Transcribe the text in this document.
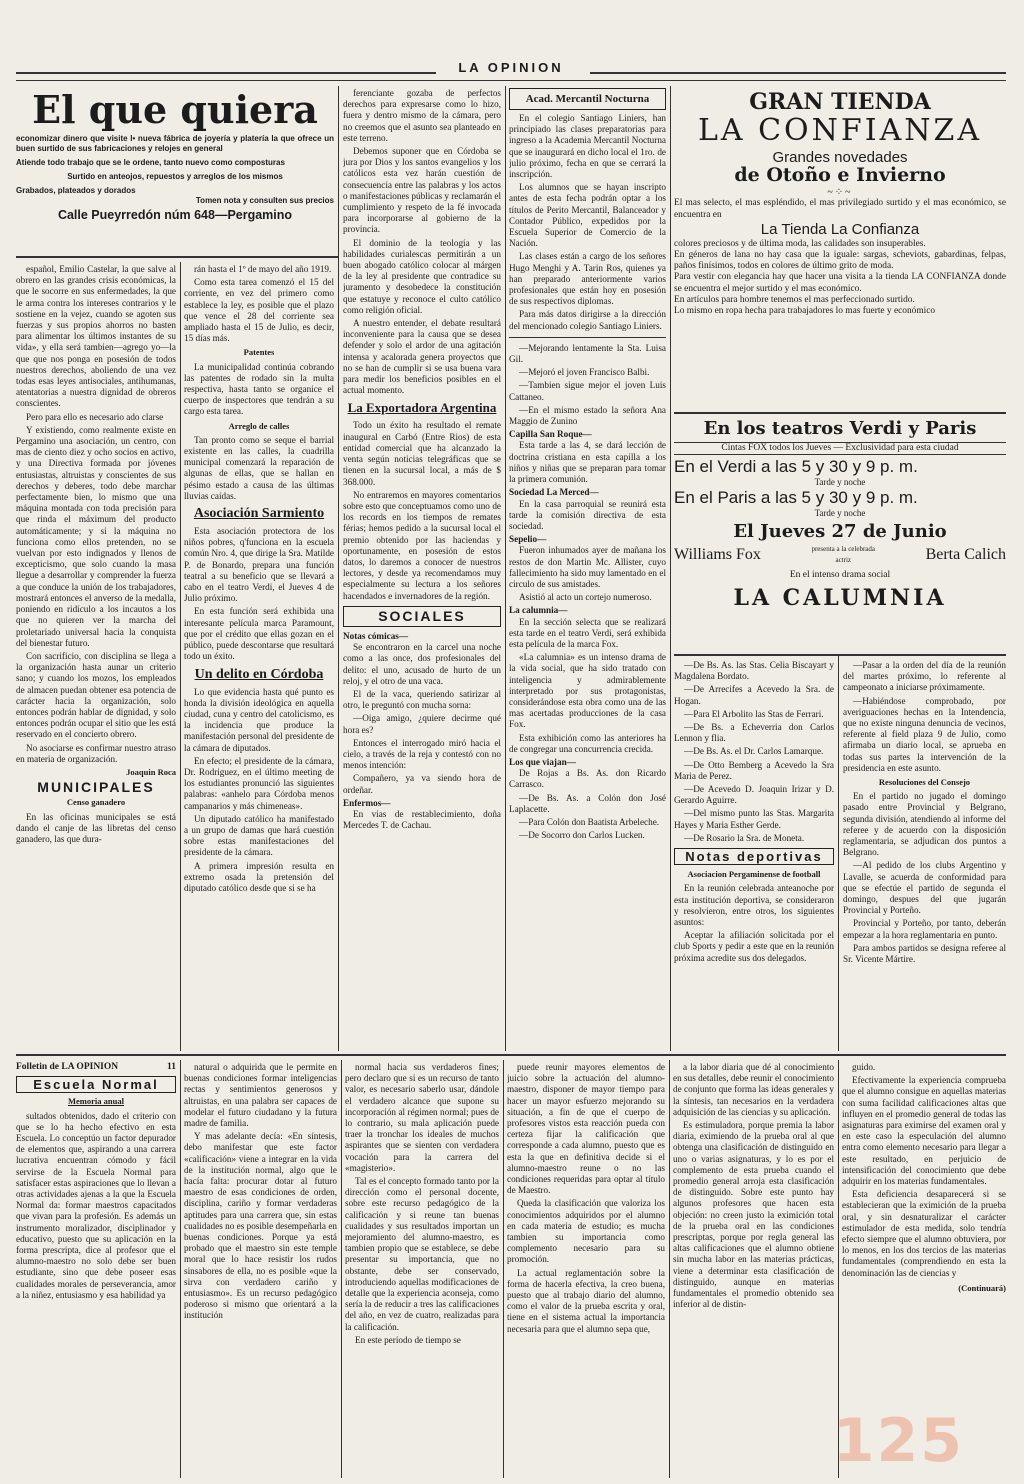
LA OPINION
El que quiera
economizar dinero que visite l• nueva fábrica de joyería y platería la que ofrece un buen surtido de sus fabricaciones y relojes en general
Atiende todo trabajo que se le ordene, tanto nuevo como composturas
Surtido en anteojos, repuestos y arreglos de los mismos
Grabados, plateados y dorados
Tomen nota y consulten sus precios
Calle Pueyrredón núm 648—Pergamino

español, Emilio Castelar, la que salve al obrero en las grandes crisis económicas, la que le socorre en sus enfermedades, la que le arma contra los intereses contrarios y le sostiene en la vejez, cuando se agoten sus fuerzas y sus propios ahorros no basten para alimentar los últimos instantes de su vida», y ella será tambien—agrego yo—la que que nos ponga en posesión de todos nuestros derechos, aboliendo de una vez todas esas leyes antisociales, antihumanas, atentatorias a nuestra dignidad de obreros conscientes.

Pero para ello es necesario ado clarse

Y existiendo, como realmente existe en Pergamino una asociación, un centro, con mas de ciento diez y ocho socios en activo, y una Directiva formada por jóvenes entusiastas, altruistas y conscientes de sus derechos y deberes, todo debe marchar perfectamente bien, lo mismo que una máquina montada con toda precisión para que rinda el máximum del producto automáticamente; y si la máquina no funciona como ellos pretenden, no se vuelvan por esto indignados y llenos de excepticismo, que solo cuando la masa llegue a desarrollar y comprender la fuerza a que conduce la unión de los trabajadores, mostrará entonces el anverso de la medalla, poniendo en ridículo a los incautos a los que no quieren ver la marcha del proletariado universal hacia la conquista del bienestar futuro.

Con sacrificio, con disciplina se llega a la organización hasta aunar un criterio sano; y cuando los mozos, los empleados de almacen puedan obtener esa potencia de carácter hacia la organización, solo entonces podrán hablar de dignidad, y solo entonces podrán ocupar el sitio que les está reservado en el concierto obrero.

No asociarse es confirmar nuestro atraso en materia de organización.

Joaquin Roca
MUNICIPALES
Censo ganadero

En las oficinas municipales se está dando el canje de las libretas del censo ganadero, las que dura-

rán hasta el 1º de mayo del año 1919.

Como esta tarea comenzó el 15 del corriente, en vez del primero como establece la ley, es posible que el plazo que vence el 28 del corriente sea ampliado hasta el 15 de Julio, es decir, 15 días más.

Patentes

La municipalidad continúa cobrando las patentes de rodado sin la multa respectiva, hasta tanto se organice el cuerpo de inspectores que tendrán a su cargo esta tarea.

Arreglo de calles

Tan pronto como se seque el barrial existente en las calles, la cuadrilla municipal comenzará la reparación de algunas de ellas, que se hallan en pésimo estado a causa de las últimas lluvias caídas.

Asociación Sarmiento

Esta asociación protectora de los niños pobres, q'funciona en la escuela común Nro. 4, que dirige la Sra. Matilde P. de Bonardo, prepara una función teatral a su beneficio que se llevará a cabo en el teatro Verdi, el Jueves 4 de Julio próximo.

En esta función será exhibida una interesante película marca Paramount, que por el crédito que ellas gozan en el público, puede descontarse que resultará todo un éxito.

Un delito en Córdoba

Lo que evidencia hasta qué punto es honda la división ideológica en aquella ciudad, cuna y centro del catolicismo, es la incidencia que produce la manifestación personal del presidente de la cámara de diputados.

En efecto; el presidente de la cámara, Dr. Rodriguez, en el último meeting de los estudiantes pronunció las siguientes palabras: «anhelo para Córdoba menos campanarios y más chimeneas».

Un diputado católico ha manifestado a un grupo de damas que hará cuestión sobre estas manifestaciones del presidente de la cámara.

A primera impresión resulta en extremo osada la pretensión del diputado católico desde que si se ha

ferenciante gozaba de perfectos derechos para expresarse como lo hizo, fuera y dentro mismo de la cámara, pero no creemos que el asunto sea planteado en este terreno.

Debemos suponer que en Córdoba se jura por Dios y los santos evangelios y los católicos esta vez harán cuestión de consecuencia entre las palabras y los actos o manifestaciones públicas y reclamarán el cumplimiento y respeto de la fé invocada para incorporarse al gobierno de la provincia.

El dominio de la teología y las habilidades curialescas permitirán a un buen abogado católico colocar al márgen de la ley al presidente que contradice su juramento y desobedece la constitución que estatuye y reconoce el culto católico como religión oficial.

A nuestro entender, el debate resultará inconveniente para la causa que se desea defender y solo el ardor de una agitación intensa y acalorada genera proyectos que no se han de cumplir si se usa buena vara para medir los beneficios posibles en el actual momento.

La Exportadora Argentina

Todo un éxito ha resultado el remate inaugural en Carbó (Entre Rios) de esta entidad comercial que ha alcanzado la venta según noticias telegráficas que se tienen en la sucursal local, a más de $ 368.000.

No entraremos en mayores comentarios sobre esto que conceptuamos como uno de los records en los tiempos de remates férias; hemos pedido a la sucursal local el premio obtenido por las haciendas y oportunamente, en posesión de estos datos, lo daremos a conocer de nuestros lectores, y desde ya recomendamos muy especialmente su lectura a los señores hacendados e invernadores de la región.

SOCIALES
Notas cómicas—

Se encontraron en la carcel una noche como a las once, dos profesionales del delito: el uno, acusado de hurto de un reloj, y el otro de una vaca.

El de la vaca, queriendo satirizar al otro, le preguntó con mucha sorna:

—Oiga amigo, ¿quiere decirme qué hora es?

Entonces el interrogado miró hacia el cielo, a través de la reja y contestó con no menos intención:

Compañero, ya va siendo hora de ordeñar.

Enfermos—

En vias de restablecimiento, doña Mercedes T. de Cachau.

Acad. Mercantil Nocturna

En el colegio Santiago Liniers, han principiado las clases preparatorias para ingreso a la Academia Mercantil Nocturna que se inaugurará en dicho local el 1ro. de julio próximo, fecha en que se cerrará la inscripción.

Los alumnos que se hayan inscripto antes de esta fecha podrán optar a los títulos de Perito Mercantil, Balanceador y Contador Público, expedidos por la Escuela Superior de Comercio de la Nación.

Las clases están a cargo de los señores Hugo Menghi y A. Tarin Ros, quienes ya han preparado anteriormente varios profesionales que están hoy en posesión de sus respectivos diplomas.

Para más datos dirigirse a la dirección del mencionado colegio Santiago Liniers.

—Mejorando lentamente la Sta. Luisa Gil.

—Mejoró el joven Francisco Balbi.

—Tambien sigue mejor el joven Luis Cattaneo.

—En el mismo estado la señora Ana Maggio de Zunino

Capilla San Roque—

Esta tarde a las 4, se dará lección de doctrina cristiana en esta capilla a los niños y niñas que se preparan para tomar la primera comunión.

Sociedad La Merced—

En la casa parroquial se reunirá esta tarde la comisión directiva de esta sociedad.

Sepelio—

Fueron inhumados ayer de mañana los restos de don Martin Mc. Allister, cuyo fallecimiento ha sido muy lamentado en el circulo de sus amistades.

Asistió al acto un cortejo numeroso.

La calumnia—

En la sección selecta que se realizará esta tarde en el teatro Verdi, será exhibida esta película de la marca Fox.

«La calumnia» es un intenso drama de la vida social, que ha sido tratado con inteligencia y admirablemente interpretado por sus protagonistas, considerándose esta obra como una de las mas acertadas producciones de la casa Fox.

Esta exhibición como las anteriores ha de congregar una concurrencia crecida.

Los que viajan—

De Rojas a Bs. As. don Ricardo Carrasco.

—De Bs. As. a Colón don José Laplacette.

—Para Colón don Baatista Arbeleche.

—De Socorro don Carlos Lucken.

GRAN TIENDA
LA CONFIANZA
Grandes novedades
de Otoño e Invierno
~⁘~
El mas selecto, el mas espléndido, el mas privilegiado surtido y el mas económico, se encuentra en
La Tienda La Confianza
colores preciosos y de última moda, las calidades son insuperables.
En géneros de lana no hay casa que la iguale: sargas, scheviots, gabardinas, felpas, paños finísimos, todos en colores de último grito de moda.
Para vestir con elegancia hay que hacer una visita a la tienda LA CONFIANZA donde se encuentra el mejor surtido y el mas económico.
En artículos para hombre tenemos el mas perfeccionado surtido.
Lo mismo en ropa hecha para trabajadores lo mas fuerte y económico
En los teatros Verdi y Paris
Cintas FOX todos los Jueves — Exclusividad para esta ciudad
En el Verdi a las 5 y 30 y 9 p. m.
Tarde y noche
En el Paris a las 5 y 30 y 9 p. m.
Tarde y noche
El Jueves 27 de Junio
Williams Fox	presenta a la celebrada actriz	Berta Calich
En el intenso drama social
LA CALUMNIA

—De Bs. As. las Stas. Celia Biscayart y Magdalena Bordato.

—De Arrecifes a Acevedo la Sra. de Hogan.

—Para El Arbolito las Stas de Ferrari.

—De Bs. a Echeverria don Carlos Lennon y flia.

—De Bs. As. el Dr. Carlos Lamarque.

—De Otto Bemberg a Acevedo la Sra Maria de Perez.

—De Acevedo D. Joaquin Irizar y D. Gerardo Aguirre.

—Del mismo punto las Stas. Margarita Hayes y Maria Esther Gerde.

—De Rosario la Sra. de Moneta.

Notas deportivas
Asociacion Pergaminense de football

En la reunión celebrada anteanoche por esta institución deportiva, se consideraron y resolvieron, entre otros, los siguientes asuntos:

Aceptar la afiliación solicitada por el club Sports y pedir a este que en la reunión próxima acredite sus dos delegados.

—Pasar a la orden del día de la reunión del martes próximo, lo referente al campeonato a iniciarse próximamente.

—Habiéndose comprobado, por averiguaciones hechas en la Intendencia, que no existe ninguna denuncia de vecinos, referente al field plaza 9 de Julio, como afirmaba un diario local, se aprueba en todas sus partes la intervención de la presidencia en este asunto.

Resoluciones del Consejo

En el partido no jugado el domingo pasado entre Provincial y Belgrano, segunda división, atendiendo al informe del referee y de acuerdo con la disposición reglamentaria, se adjudican dos puntos a Belgrano.

—Al pedido de los clubs Argentino y Lavalle, se acuerda de conformidad para que se efectúe el partido de segunda el domingo, despues del que jugarán Provincial y Porteño.

Provincial y Porteño, por tanto, deberán empezar a la hora reglamentaria en punto.

Para ambos partidos se designa referee al Sr. Vicente Mártire.

Folletin de LA OPINION	11
Escuela Normal
Memoria anual

sultados obtenidos, dado el criterio con que se lo ha hecho efectivo en esta Escuela. Lo conceptúo un factor depurador de elementos que, aspirando a una carrera lucrativa encuentran cómodo y fácil servirse de la Escuela Normal para satisfacer estas aspiraciones que lo llevan a otras actividades ajenas a la que la Escuela Normal da: formar maestros capacitados que vivan para la profesión. Es además un instrumento moralizador, disciplinador y educativo, puesto que su aplicación en la forma prescripta, dice al profesor que el alumno-maestro no solo debe ser buen estudiante, sino que debe poseer esas cualidades morales de perseverancia, amor a la niñez, entusiasmo y esa habilidad ya

natural o adquirida que le permite en buenas condiciones formar inteligencias rectas y sentimientos generosos y altruistas, en una palabra ser capaces de modelar el futuro ciudadano y la futura madre de familia.

Y mas adelante decía: «En síntesis, debo manifestar que este factor «calificación» viene a integrar en la vida de la institución normal, algo que le hacía falta: procurar dotar al futuro maestro de esas condiciones de orden, disciplina, cariño y formar verdaderas aptitudes para una carrera que, sin estas cualidades no es posible desempeñarla en buenas condiciones. Porque ya está probado que el maestro sin este temple moral que lo hace resistir los rudos sinsabores de ella, no es posible «que la sirva con verdadero cariño y entusiasmo». Es un recurso pedagógico poderoso si mismo que orientará a la institución

normal hacia sus verdaderos fines; pero declaro que si es un recurso de tanto valor, es necesario saberlo usar, dándole el verdadero alcance que supone su incorporación al régimen normal; pues de lo contrario, su mala aplicación puede traer la tronchar los ideales de muchos aspirantes que se sienten con verdadera vocación para la carrera del «magisterio».

Tal es el concepto formado tanto por la dirección como el personal docente, sobre este recurso pedagógico de la calificación y si reune tan buenas cualidades y sus resultados importan un mejoramiento del alumno-maestro, es tambien propio que se establece, se debe presentar su importancia, que no obstante, debe ser conservado, introduciendo aquellas modificaciones de detalle que la experiencia aconseja, como sería la de reducir a tres las calificaciones del año, en vez de cuatro, realizadas para la calificación.

En este período de tiempo se

puede reunir mayores elementos de juicio sobre la actuación del alumno-maestro, disponer de mayor tiempo para hacer un mayor esfuerzo mejorando su situación, a fin de que el cuerpo de profesores vistos esta reacción pueda con certeza fijar la calificación que corresponde a cada alumno, puesto que es esta la que en definitiva decide si el alumno-maestro reune o no las condiciones requeridas para optar al título de Maestro.

Queda la clasificación que valoriza los conocimientos adquiridos por el alumno en cada materia de estudio; es mucha tambien su importancia como complemento necesario para su promoción.

La actual reglamentación sobre la forma de hacerla efectiva, la creo buena, puesto que al trabajo diario del alumno, como el valor de la prueba escrita y oral, tiene en el sistema actual la importancia necesaria para que el alumno sepa que,

a la labor diaria que dé al conocimiento en sus detalles, debe reunir el conocimiento de conjunto que forma las ideas generales y la síntesis, tan necesarios en la verdadera adquisición de las ciencias y su aplicación.

Es estimuladora, porque premia la labor diaria, eximiendo de la prueba oral al que obtenga una clasificación de distinguido en uno o varias asignaturas, y lo es por el complemento de esta prueba cuando el promedio general arroja esta clasificación de distinguido. Sobre este punto hay algunos profesores que hacen esta objeción: no creen justo la eximición total de la prueba oral en las condiciones prescriptas, porque por regla general las altas calificaciones que el alumno obtiene sin mucha labor en las materias prácticas, viene a determinar esta clasificación de distinguido, aunque en materias fundamentales el promedio obtenido sea inferior al de distin-

guido.

Efectivamente la experiencia comprueba que el alumno consigue en aquellas materias con suma facilidad calificaciones altas que influyen en el promedio general de todas las asignaturas para eximirse del examen oral y en este caso la especulación del alumno entra como elemento necesario para llegar a este resultado, en perjuicio de intensificación del conocimiento que debe adquirir en los materias fundamentales.

Esta deficiencia desaparecerá si se establecieran que la eximición de la prueba oral, y sin desnaturalizar el carácter estimulador de esta medida, solo tendría efecto siempre que el alumno obtuviera, por lo menos, en los dos tercios de las materias fundamentales (comprendiendo en esta la denominación las de ciencias y

(Continuará)
125
